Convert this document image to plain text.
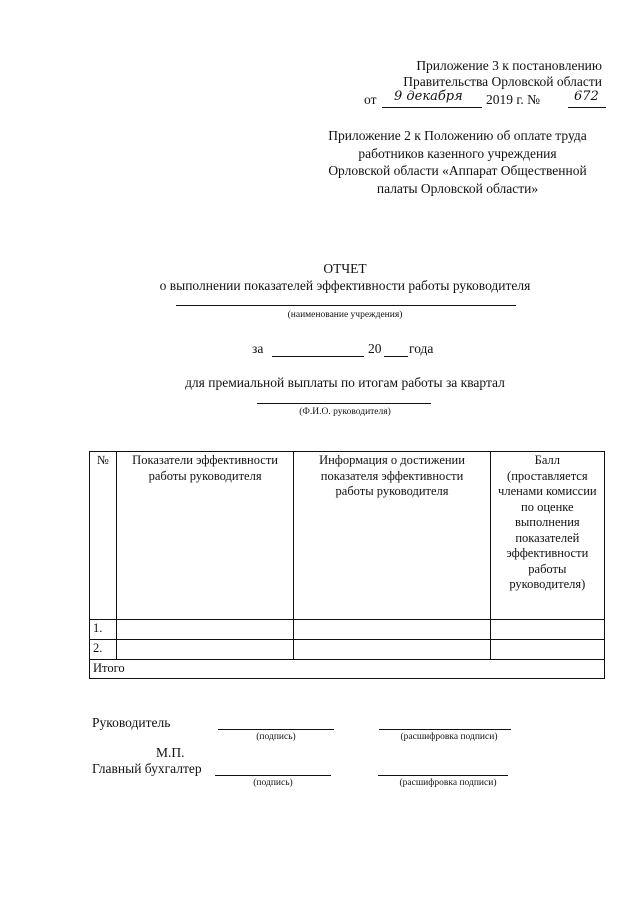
Приложение 3 к постановлению
Правительства Орловской области
от 9 декабря 2019 г. №	672
Приложение 2 к Положению об оплате труда
работников казенного учреждения
Орловской области «Аппарат Общественной
палаты Орловской области»
ОТЧЕТ
о выполнении показателей эффективности работы руководителя
(наименование учреждения)
за	20 года
для премиальной выплаты по итогам работы за квартал
(Ф.И.О. руководителя)
№	Показатели эффективности работы руководителя	Информация о достижении показателя эффективности работы руководителя	Балл (проставляется членами комиссии по оценке выполнения показателей эффективности работы руководителя)
1.			
2.			
Итого			
Руководитель
(подпись)	(расшифровка подписи)
М.П.
Главный бухгалтер
(подпись)	(расшифровка подписи)
